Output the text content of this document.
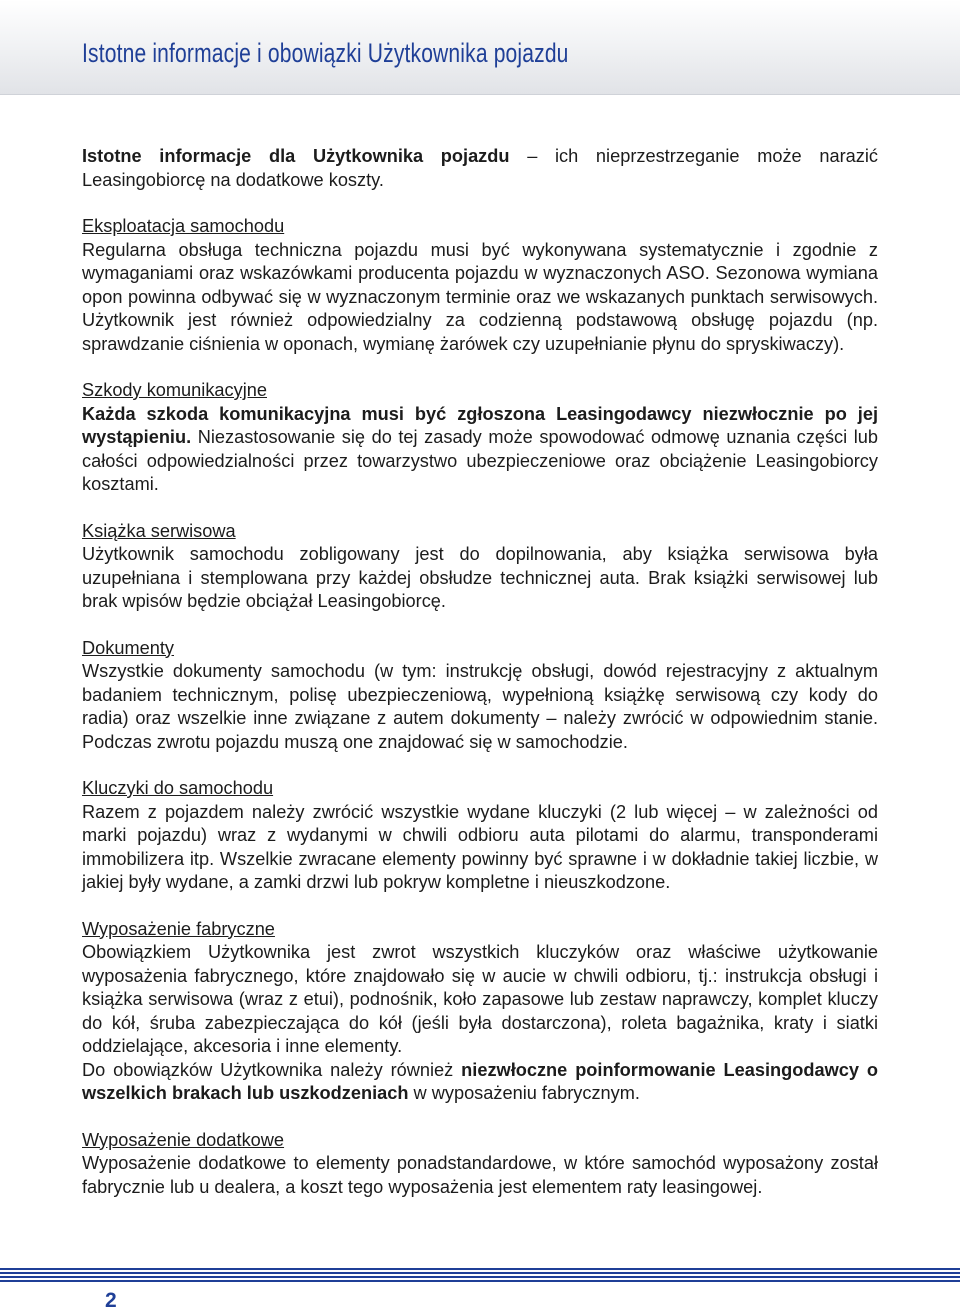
Istotne informacje i obowiązki Użytkownika pojazdu

Istotne informacje dla Użytkownika pojazdu – ich nieprzestrzeganie może narazić Leasingobiorcę na dodatkowe koszty.

Eksploatacja samochodu

Regularna obsługa techniczna pojazdu musi być wykonywana systematycznie i zgodnie z wymaganiami oraz wskazówkami producenta pojazdu w wyznaczonych ASO. Sezonowa wymiana opon powinna odbywać się w wyznaczonym terminie oraz we wskazanych punktach serwisowych. Użytkownik jest również odpowiedzialny za codzienną podstawową obsługę pojazdu (np. sprawdzanie ciśnienia w oponach, wymianę żarówek czy uzupełnianie płynu do spryskiwaczy).

Szkody komunikacyjne

Każda szkoda komunikacyjna musi być zgłoszona Leasingodawcy niezwłocznie po jej wystąpieniu. Niezastosowanie się do tej zasady może spowodować odmowę uznania części lub całości odpowiedzialności przez towarzystwo ubezpieczeniowe oraz obciążenie Leasingobiorcy kosztami.

Książka serwisowa

Użytkownik samochodu zobligowany jest do dopilnowania, aby książka serwisowa była uzupełniana i stemplowana przy każdej obsłudze technicznej auta. Brak książki serwisowej lub brak wpisów będzie obciążał Leasingobiorcę.

Dokumenty

Wszystkie dokumenty samochodu (w tym: instrukcję obsługi, dowód rejestracyjny z aktualnym badaniem technicznym, polisę ubezpieczeniową, wypełnioną książkę serwisową czy kody do radia) oraz wszelkie inne związane z autem dokumenty – należy zwrócić w odpowiednim stanie. Podczas zwrotu pojazdu muszą one znajdować się w samochodzie.

Kluczyki do samochodu

Razem z pojazdem należy zwrócić wszystkie wydane kluczyki (2 lub więcej – w zależności od marki pojazdu) wraz z wydanymi w chwili odbioru auta pilotami do alarmu, transponderami immobilizera itp. Wszelkie zwracane elementy powinny być sprawne i w dokładnie takiej liczbie, w jakiej były wydane, a zamki drzwi lub pokryw kompletne i nieuszkodzone.

Wyposażenie fabryczne

Obowiązkiem Użytkownika jest zwrot wszystkich kluczyków oraz właściwe użytkowanie wyposażenia fabrycznego, które znajdowało się w aucie w chwili odbioru, tj.: instrukcja obsługi i książka serwisowa (wraz z etui), podnośnik, koło zapasowe lub zestaw naprawczy, komplet kluczy do kół, śruba zabezpieczająca do kół (jeśli była dostarczona), roleta bagażnika, kraty i siatki oddzielające, akcesoria i inne elementy.

Do obowiązków Użytkownika należy również niezwłoczne poinformowanie Leasingodawcy o wszelkich brakach lub uszkodzeniach w wyposażeniu fabrycznym.

Wyposażenie dodatkowe

Wyposażenie dodatkowe to elementy ponadstandardowe, w które samochód wyposażony został fabrycznie lub u dealera, a koszt tego wyposażenia jest elementem raty leasingowej.

2
